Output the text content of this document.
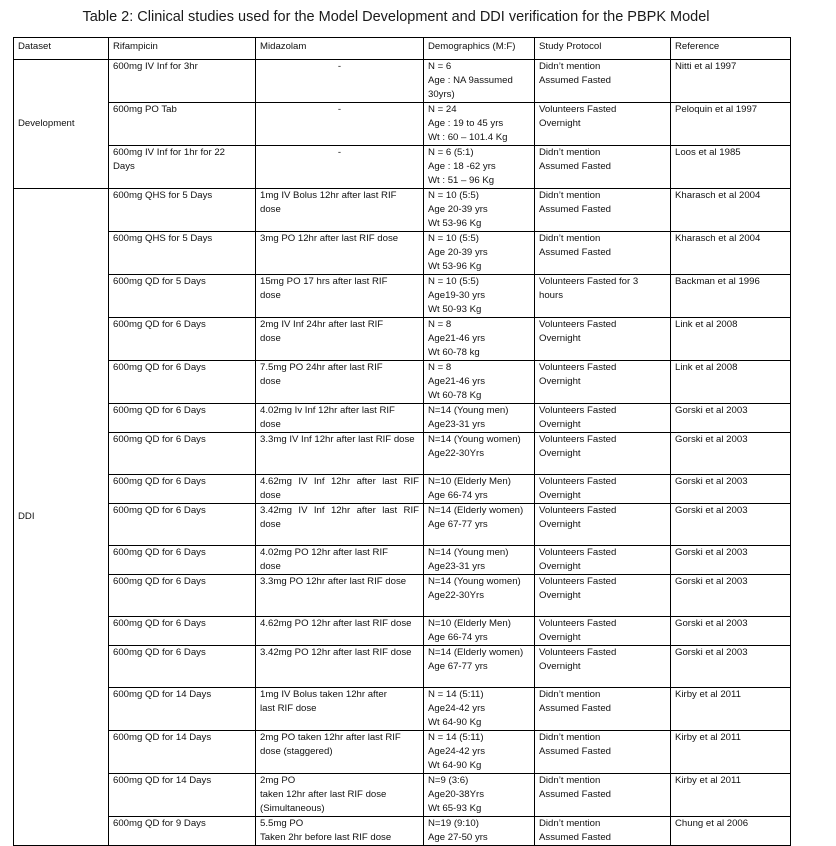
Table 2: Clinical studies used for the Model Development and DDI verification for the PBPK Model
Dataset	Rifampicin	Midazolam	Demographics (M:F)	Study Protocol	Reference
Development	600mg IV Inf for 3hr	-	N = 6
Age : NA 9assumed
30yrs)	Didn’t mention
Assumed Fasted	Nitti et al 1997

	600mg PO Tab	-	N = 24
Age : 19 to 45 yrs
Wt : 60 – 101.4 Kg	Volunteers Fasted
Overnight	Peloquin et al 1997

	600mg IV Inf for 1hr for 22
Days	-	N = 6 (5:1)
Age : 18 -62 yrs
Wt : 51 – 96 Kg	Didn’t mention
Assumed Fasted	Loos et al 1985
DDI	600mg QHS for 5 Days	1mg IV Bolus 12hr after last RIF
dose	N = 10 (5:5)
Age 20-39 yrs
Wt 53-96 Kg	Didn’t mention
Assumed Fasted	Kharasch et al 2004

	600mg QHS for 5 Days	3mg PO 12hr after last RIF dose	N = 10 (5:5)
Age 20-39 yrs
Wt 53-96 Kg	Didn’t mention
Assumed Fasted	Kharasch et al 2004

	600mg QD for 5 Days	15mg PO 17 hrs after last RIF
dose	N = 10 (5:5)
Age19-30 yrs
Wt 50-93 Kg	Volunteers Fasted for 3
hours	Backman et al 1996

	600mg QD for 6 Days	2mg IV Inf 24hr after last RIF
dose	N = 8
Age21-46 yrs
Wt 60-78 kg	Volunteers Fasted
Overnight	Link et al 2008

	600mg QD for 6 Days	7.5mg PO 24hr after last RIF
dose	N = 8
Age21-46 yrs
Wt 60-78 Kg	Volunteers Fasted
Overnight	Link et al 2008

	600mg QD for 6 Days	4.02mg Iv Inf 12hr after last RIF
dose	N=14 (Young men)
Age23-31 yrs	Volunteers Fasted
Overnight	Gorski et al 2003

	600mg QD for 6 Days	3.3mg IV Inf 12hr after last RIF dose	N=14 (Young women)
Age22-30Yrs	Volunteers Fasted
Overnight	Gorski et al 2003

	600mg QD for 6 Days	4.62mg IV Inf 12hr after last RIF dose	N=10 (Elderly Men)
Age 66-74 yrs	Volunteers Fasted
Overnight	Gorski et al 2003

	600mg QD for 6 Days	3.42mg IV Inf 12hr after last RIF dose	N=14 (Elderly women)
Age 67-77 yrs	Volunteers Fasted
Overnight	Gorski et al 2003

	600mg QD for 6 Days	4.02mg PO 12hr after last RIF
dose	N=14 (Young men)
Age23-31 yrs	Volunteers Fasted
Overnight	Gorski et al 2003

	600mg QD for 6 Days	3.3mg PO 12hr after last RIF dose	N=14 (Young women)
Age22-30Yrs	Volunteers Fasted
Overnight	Gorski et al 2003

	600mg QD for 6 Days	4.62mg PO 12hr after last RIF dose	N=10 (Elderly Men)
Age 66-74 yrs	Volunteers Fasted
Overnight	Gorski et al 2003

	600mg QD for 6 Days	3.42mg PO 12hr after last RIF dose	N=14 (Elderly women)
Age 67-77 yrs	Volunteers Fasted
Overnight	Gorski et al 2003

	600mg QD for 14 Days	1mg IV Bolus taken 12hr after
last RIF dose	N = 14 (5:11)
Age24-42 yrs
Wt 64-90 Kg	Didn’t mention
Assumed Fasted	Kirby et al 2011

	600mg QD for 14 Days	2mg PO taken 12hr after last RIF
dose (staggered)	N = 14 (5:11)
Age24-42 yrs
Wt 64-90 Kg	Didn’t mention
Assumed Fasted	Kirby et al 2011

	600mg QD for 14 Days	2mg PO
taken 12hr after last RIF dose
(Simultaneous)	N=9 (3:6)
Age20-38Yrs
Wt 65-93 Kg	Didn’t mention
Assumed Fasted	Kirby et al 2011

	600mg QD for 9 Days	5.5mg PO
Taken 2hr before last RIF dose	N=19 (9:10)
Age 27-50 yrs	Didn’t mention
Assumed Fasted	Chung et al 2006
